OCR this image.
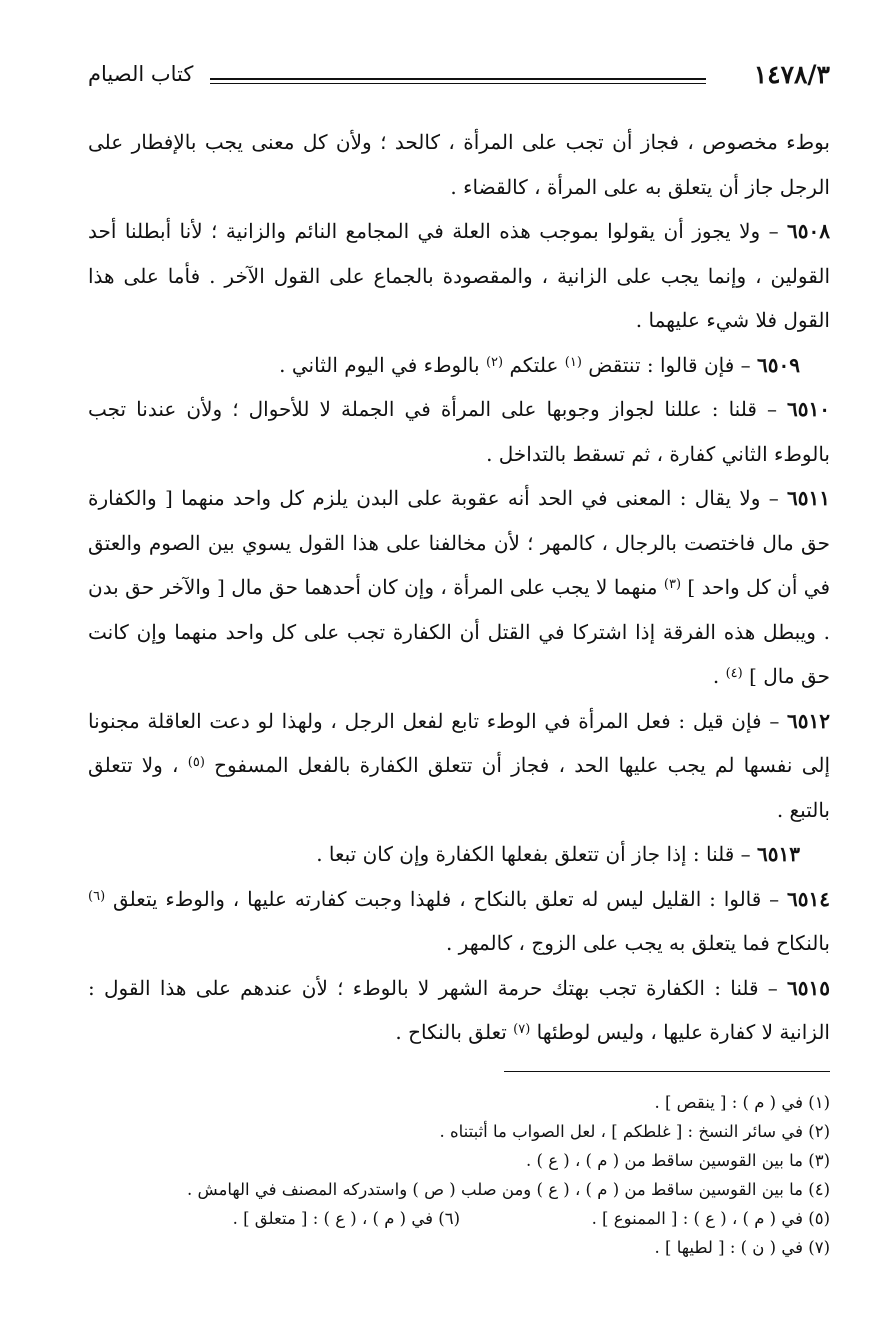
١٤٧٨/٣
كتاب الصيام

بوطء مخصوص ، فجاز أن تجب على المرأة ، كالحد ؛ ولأن كل معنى يجب بالإفطار على الرجل جاز أن يتعلق به على المرأة ، كالقضاء .

٦٥٠٨ – ولا يجوز أن يقولوا بموجب هذه العلة في المجامع النائم والزانية ؛ لأنا أبطلنا أحد القولين ، وإنما يجب على الزانية ، والمقصودة بالجماع على القول الآخر . فأما على هذا القول فلا شيء عليهما .

٦٥٠٩ – فإن قالوا : تنتقض $^{(١)}$ علتكم $^{(٢)}$ بالوطء في اليوم الثاني .

٦٥١٠ – قلنا : عللنا لجواز وجوبها على المرأة في الجملة لا للأحوال ؛ ولأن عندنا تجب بالوطء الثاني كفارة ، ثم تسقط بالتداخل .

٦٥١١ – ولا يقال : المعنى في الحد أنه عقوبة على البدن يلزم كل واحد منهما [ والكفارة حق مال فاختصت بالرجال ، كالمهر ؛ لأن مخالفنا على هذا القول يسوي بين الصوم والعتق في أن كل واحد ] $^{(٣)}$ منهما لا يجب على المرأة ، وإن كان أحدهما حق مال [ والآخر حق بدن . ويبطل هذه الفرقة إذا اشتركا في القتل أن الكفارة تجب على كل واحد منهما وإن كانت حق مال ] $^{(٤)}$ .

٦٥١٢ – فإن قيل : فعل المرأة في الوطء تابع لفعل الرجل ، ولهذا لو دعت العاقلة مجنونا إلى نفسها لم يجب عليها الحد ، فجاز أن تتعلق الكفارة بالفعل المسفوح $^{(٥)}$ ، ولا تتعلق بالتبع .

٦٥١٣ – قلنا : إذا جاز أن تتعلق بفعلها الكفارة وإن كان تبعا .

٦٥١٤ – قالوا : القليل ليس له تعلق بالنكاح ، فلهذا وجبت كفارته عليها ، والوطء يتعلق $^{(٦)}$ بالنكاح فما يتعلق به يجب على الزوج ، كالمهر .

٦٥١٥ – قلنا : الكفارة تجب بهتك حرمة الشهر لا بالوطء ؛ لأن عندهم على هذا القول : الزانية لا كفارة عليها ، وليس لوطئها $^{(٧)}$ تعلق بالنكاح .

(١) في ( م ) : [ ينقص ] .

(٢) في سائر النسخ : [ غلطكم ] ، لعل الصواب ما أثبتناه .

(٣) ما بين القوسين ساقط من ( م ) ، ( ع ) .

(٤) ما بين القوسين ساقط من ( م ) ، ( ع ) ومن صلب ( ص ) واستدركه المصنف في الهامش .

(٥) في ( م ) ، ( ع ) : [ الممنوع ] .
(٦) في ( م ) ، ( ع ) : [ متعلق ] .

(٧) في ( ن ) : [ لطيها ] .
